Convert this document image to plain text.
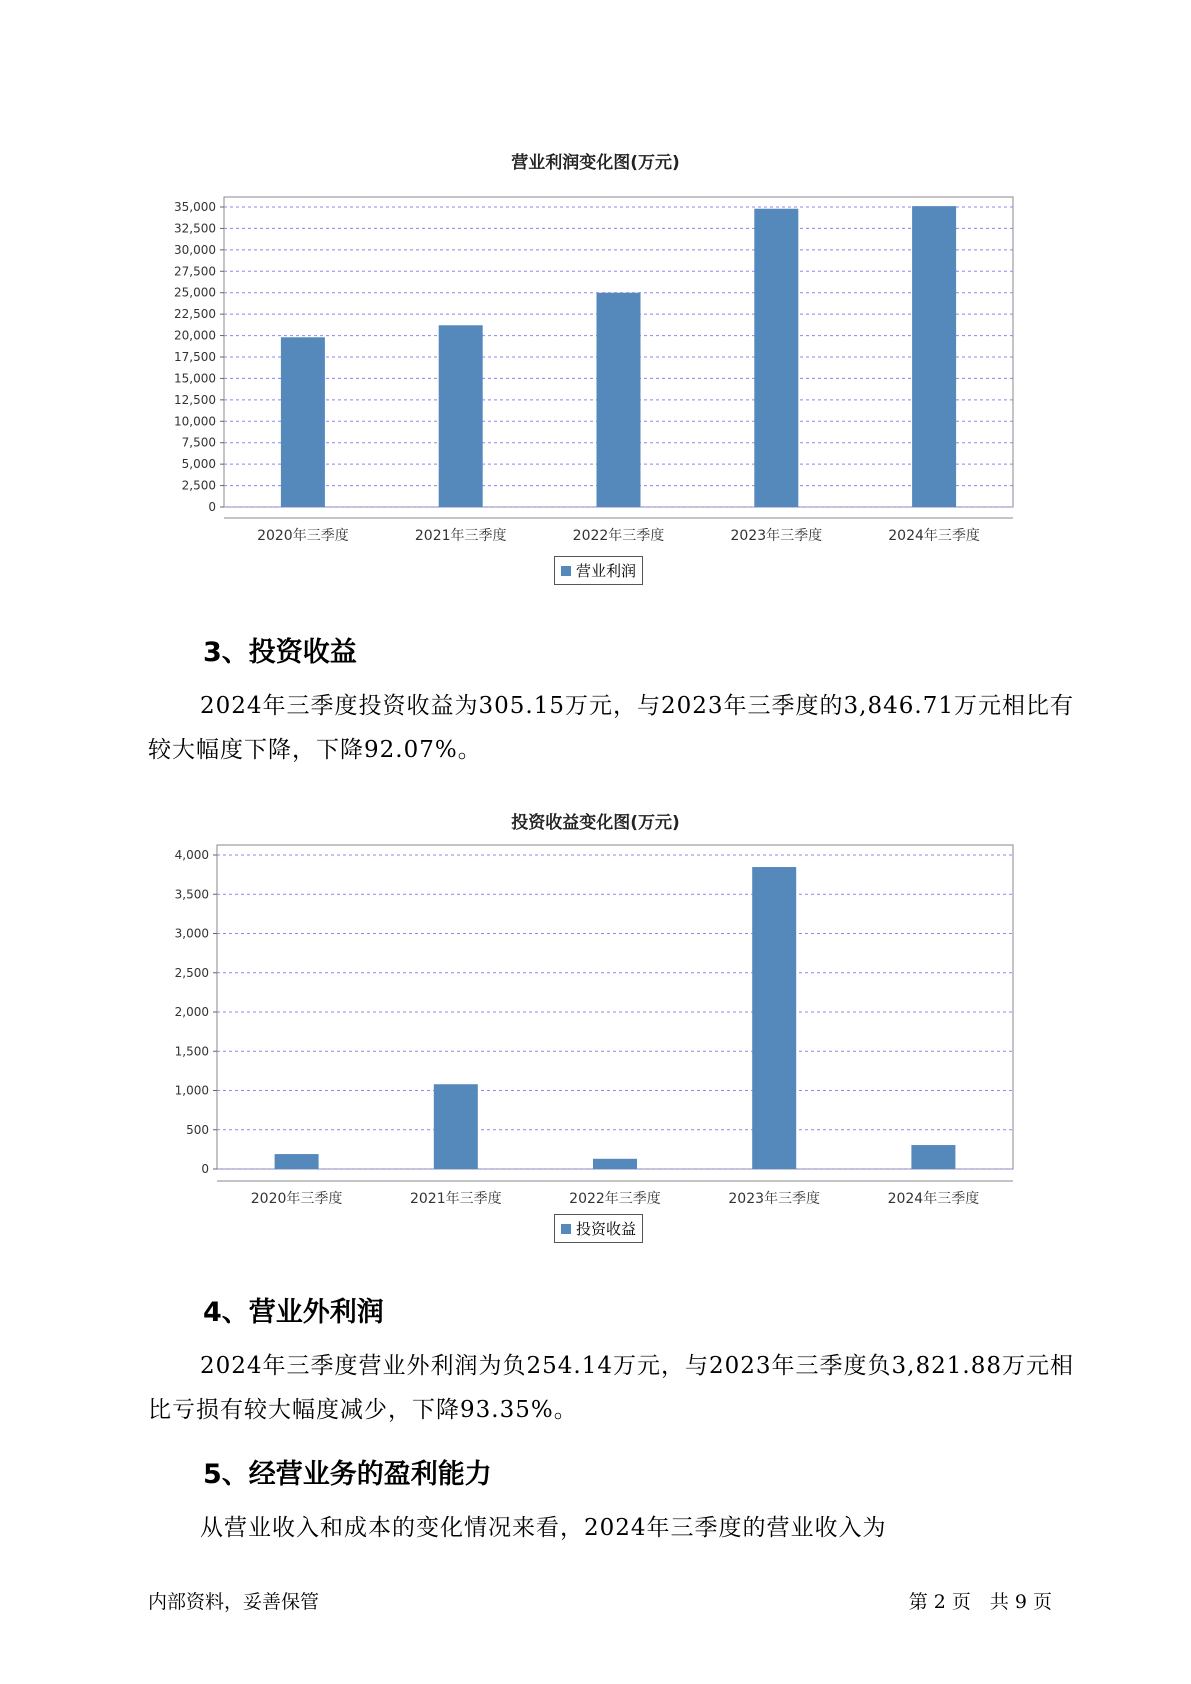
营业利润变化图(万元)
0
2,500
5,000
7,500
10,000
12,500
15,000
17,500
20,000
22,500
25,000
27,500
30,000
32,500
35,000
2020年三季度	2021年三季度	2022年三季度	2023年三季度	2024年三季度
营业利润
3、投资收益

2024年三季度投资收益为305.15万元，与2023年三季度的3,846.71万元相比有较大幅度下降，下降92.07%。

投资收益变化图(万元)
0
500
1,000
1,500
2,000
2,500
3,000
3,500
4,000
2020年三季度	2021年三季度	2022年三季度	2023年三季度	2024年三季度
投资收益
4、营业外利润

2024年三季度营业外利润为负254.14万元，与2023年三季度负3,821.88万元相比亏损有较大幅度减少，下降93.35%。

5、经营业务的盈利能力

从营业收入和成本的变化情况来看，2024年三季度的营业收入为

内部资料，妥善保管	第 2 页　共 9 页
